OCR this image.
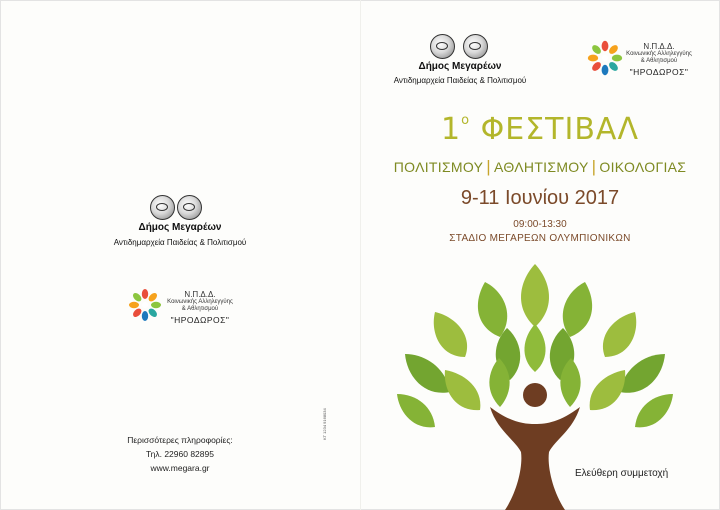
Δήμος Μεγαρέων
Αντιδημαρχεία Παιδείας & Πολιτισμού
Ν.Π.Δ.Δ.
Κοινωνικής Αλληλεγγύης
& Αθλητισμού
"ΗΡΟΔΩΡΟΣ"
KT 1234 9168034
Περισσότερες πληροφορίες:
Τηλ. 22960 82895
www.megara.gr
Δήμος Μεγαρέων
Αντιδημαρχεία Παιδείας & Πολιτισμού
Ν.Π.Δ.Δ.
Κοινωνικής Αλληλεγγύης
& Αθλητισμού
"ΗΡΟΔΩΡΟΣ"
$1^o$ ΦΕΣΤΙΒΑΛ
ΠΟΛΙΤΙΣΜΟΥ | ΑΘΛΗΤΙΣΜΟΥ | ΟΙΚΟΛΟΓΙΑΣ
9-11 Ιουνίου 2017
09:00-13:30
ΣΤΑΔΙΟ ΜΕΓΑΡΕΩΝ ΟΛΥΜΠΙΟΝΙΚΩΝ
Ελεύθερη συμμετοχή
